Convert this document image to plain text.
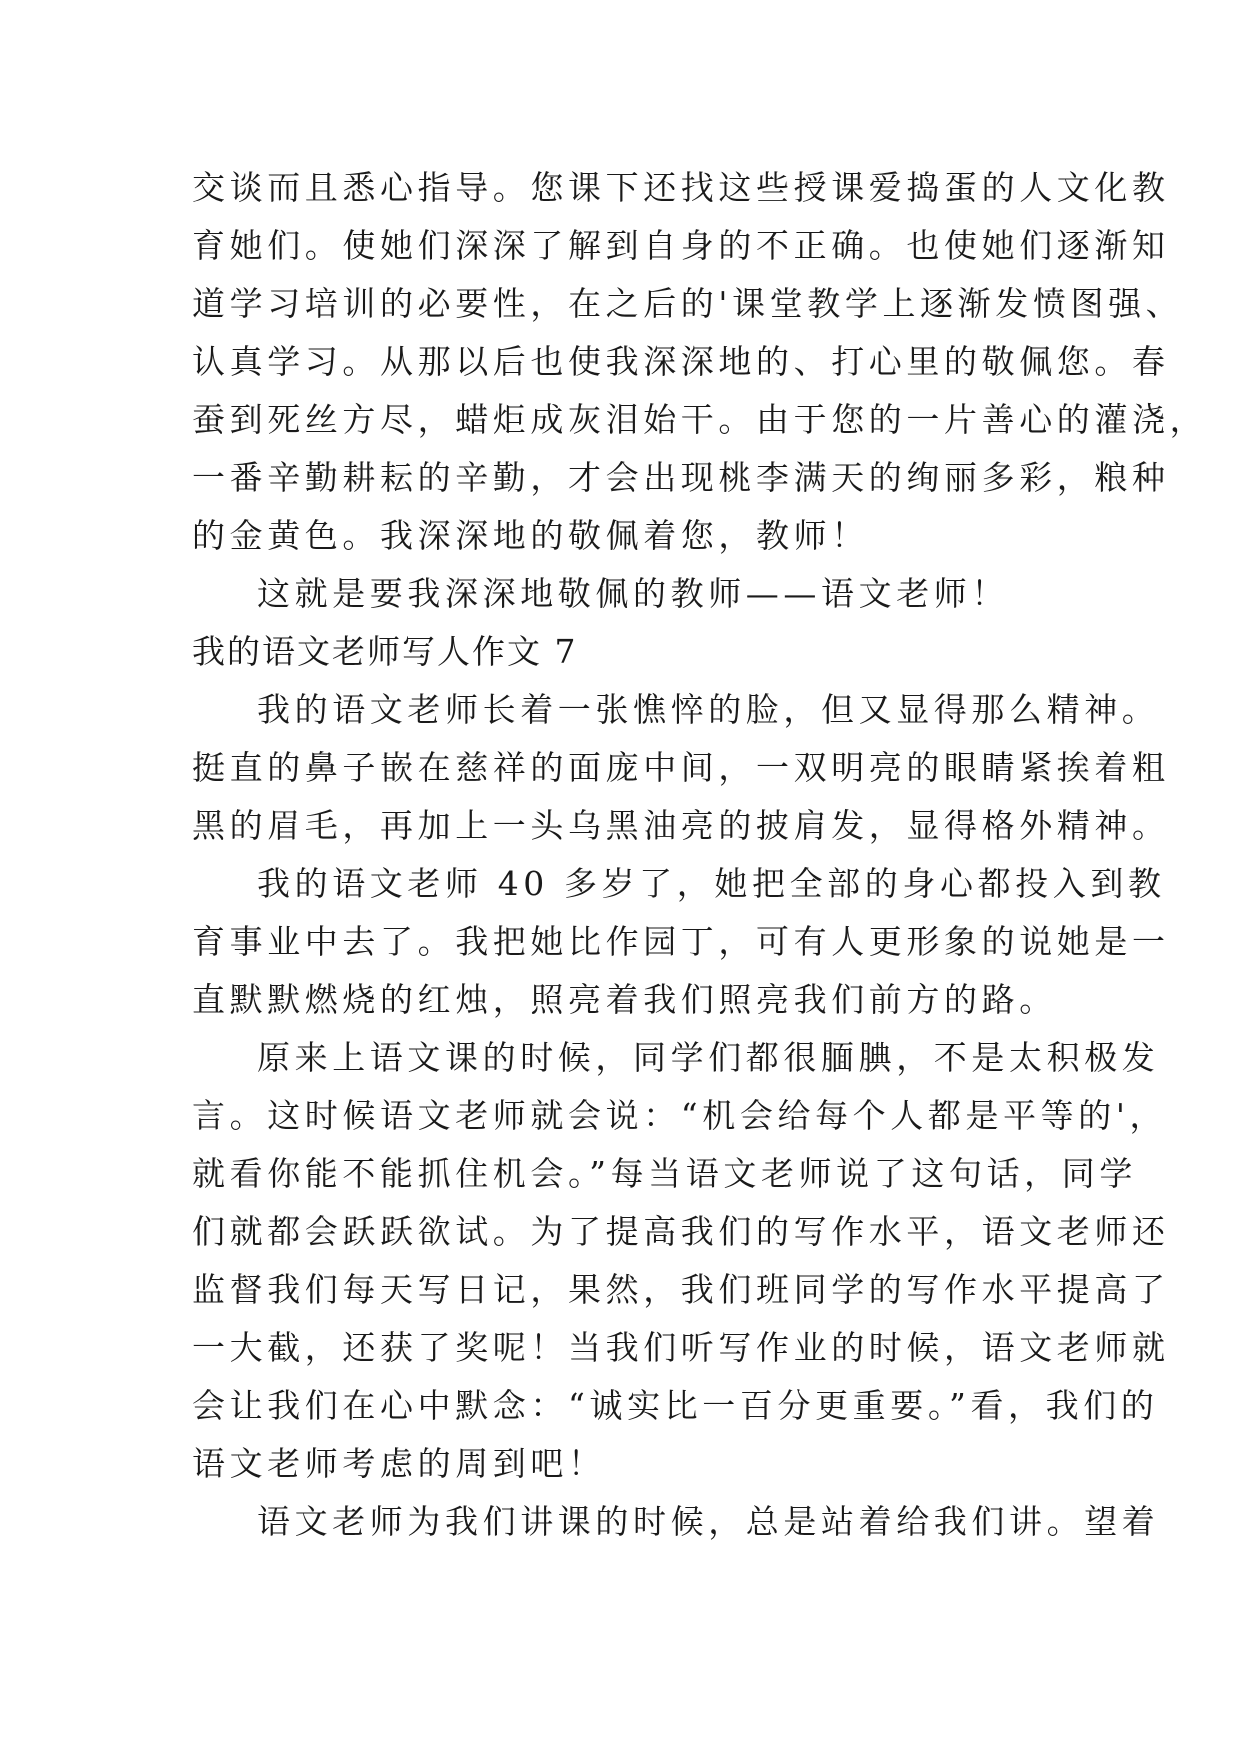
交谈而且悉心指导。您课下还找这些授课爱捣蛋的人文化教
育她们。使她们深深了解到自身的不正确。也使她们逐渐知
道学习培训的必要性，在之后的'课堂教学上逐渐发愤图强、
认真学习。从那以后也使我深深地的、打心里的敬佩您。春
蚕到死丝方尽，蜡炬成灰泪始干。由于您的一片善心的灌浇，
一番辛勤耕耘的辛勤，才会出现桃李满天的绚丽多彩，粮种
的金黄色。我深深地的敬佩着您，教师！
这就是要我深深地敬佩的教师——语文老师！
我的语文老师写人作文 7
我的语文老师长着一张憔悴的脸，但又显得那么精神。
挺直的鼻子嵌在慈祥的面庞中间，一双明亮的眼睛紧挨着粗
黑的眉毛，再加上一头乌黑油亮的披肩发，显得格外精神。
我的语文老师 40 多岁了，她把全部的身心都投入到教
育事业中去了。我把她比作园丁，可有人更形象的说她是一
直默默燃烧的红烛，照亮着我们照亮我们前方的路。
原来上语文课的时候，同学们都很腼腆，不是太积极发
言。这时候语文老师就会说：“机会给每个人都是平等的'，
就看你能不能抓住机会。”每当语文老师说了这句话，同学
们就都会跃跃欲试。为了提高我们的写作水平，语文老师还
监督我们每天写日记，果然，我们班同学的写作水平提高了
一大截，还获了奖呢！当我们听写作业的时候，语文老师就
会让我们在心中默念：“诚实比一百分更重要。”看，我们的
语文老师考虑的周到吧！
语文老师为我们讲课的时候，总是站着给我们讲。望着
